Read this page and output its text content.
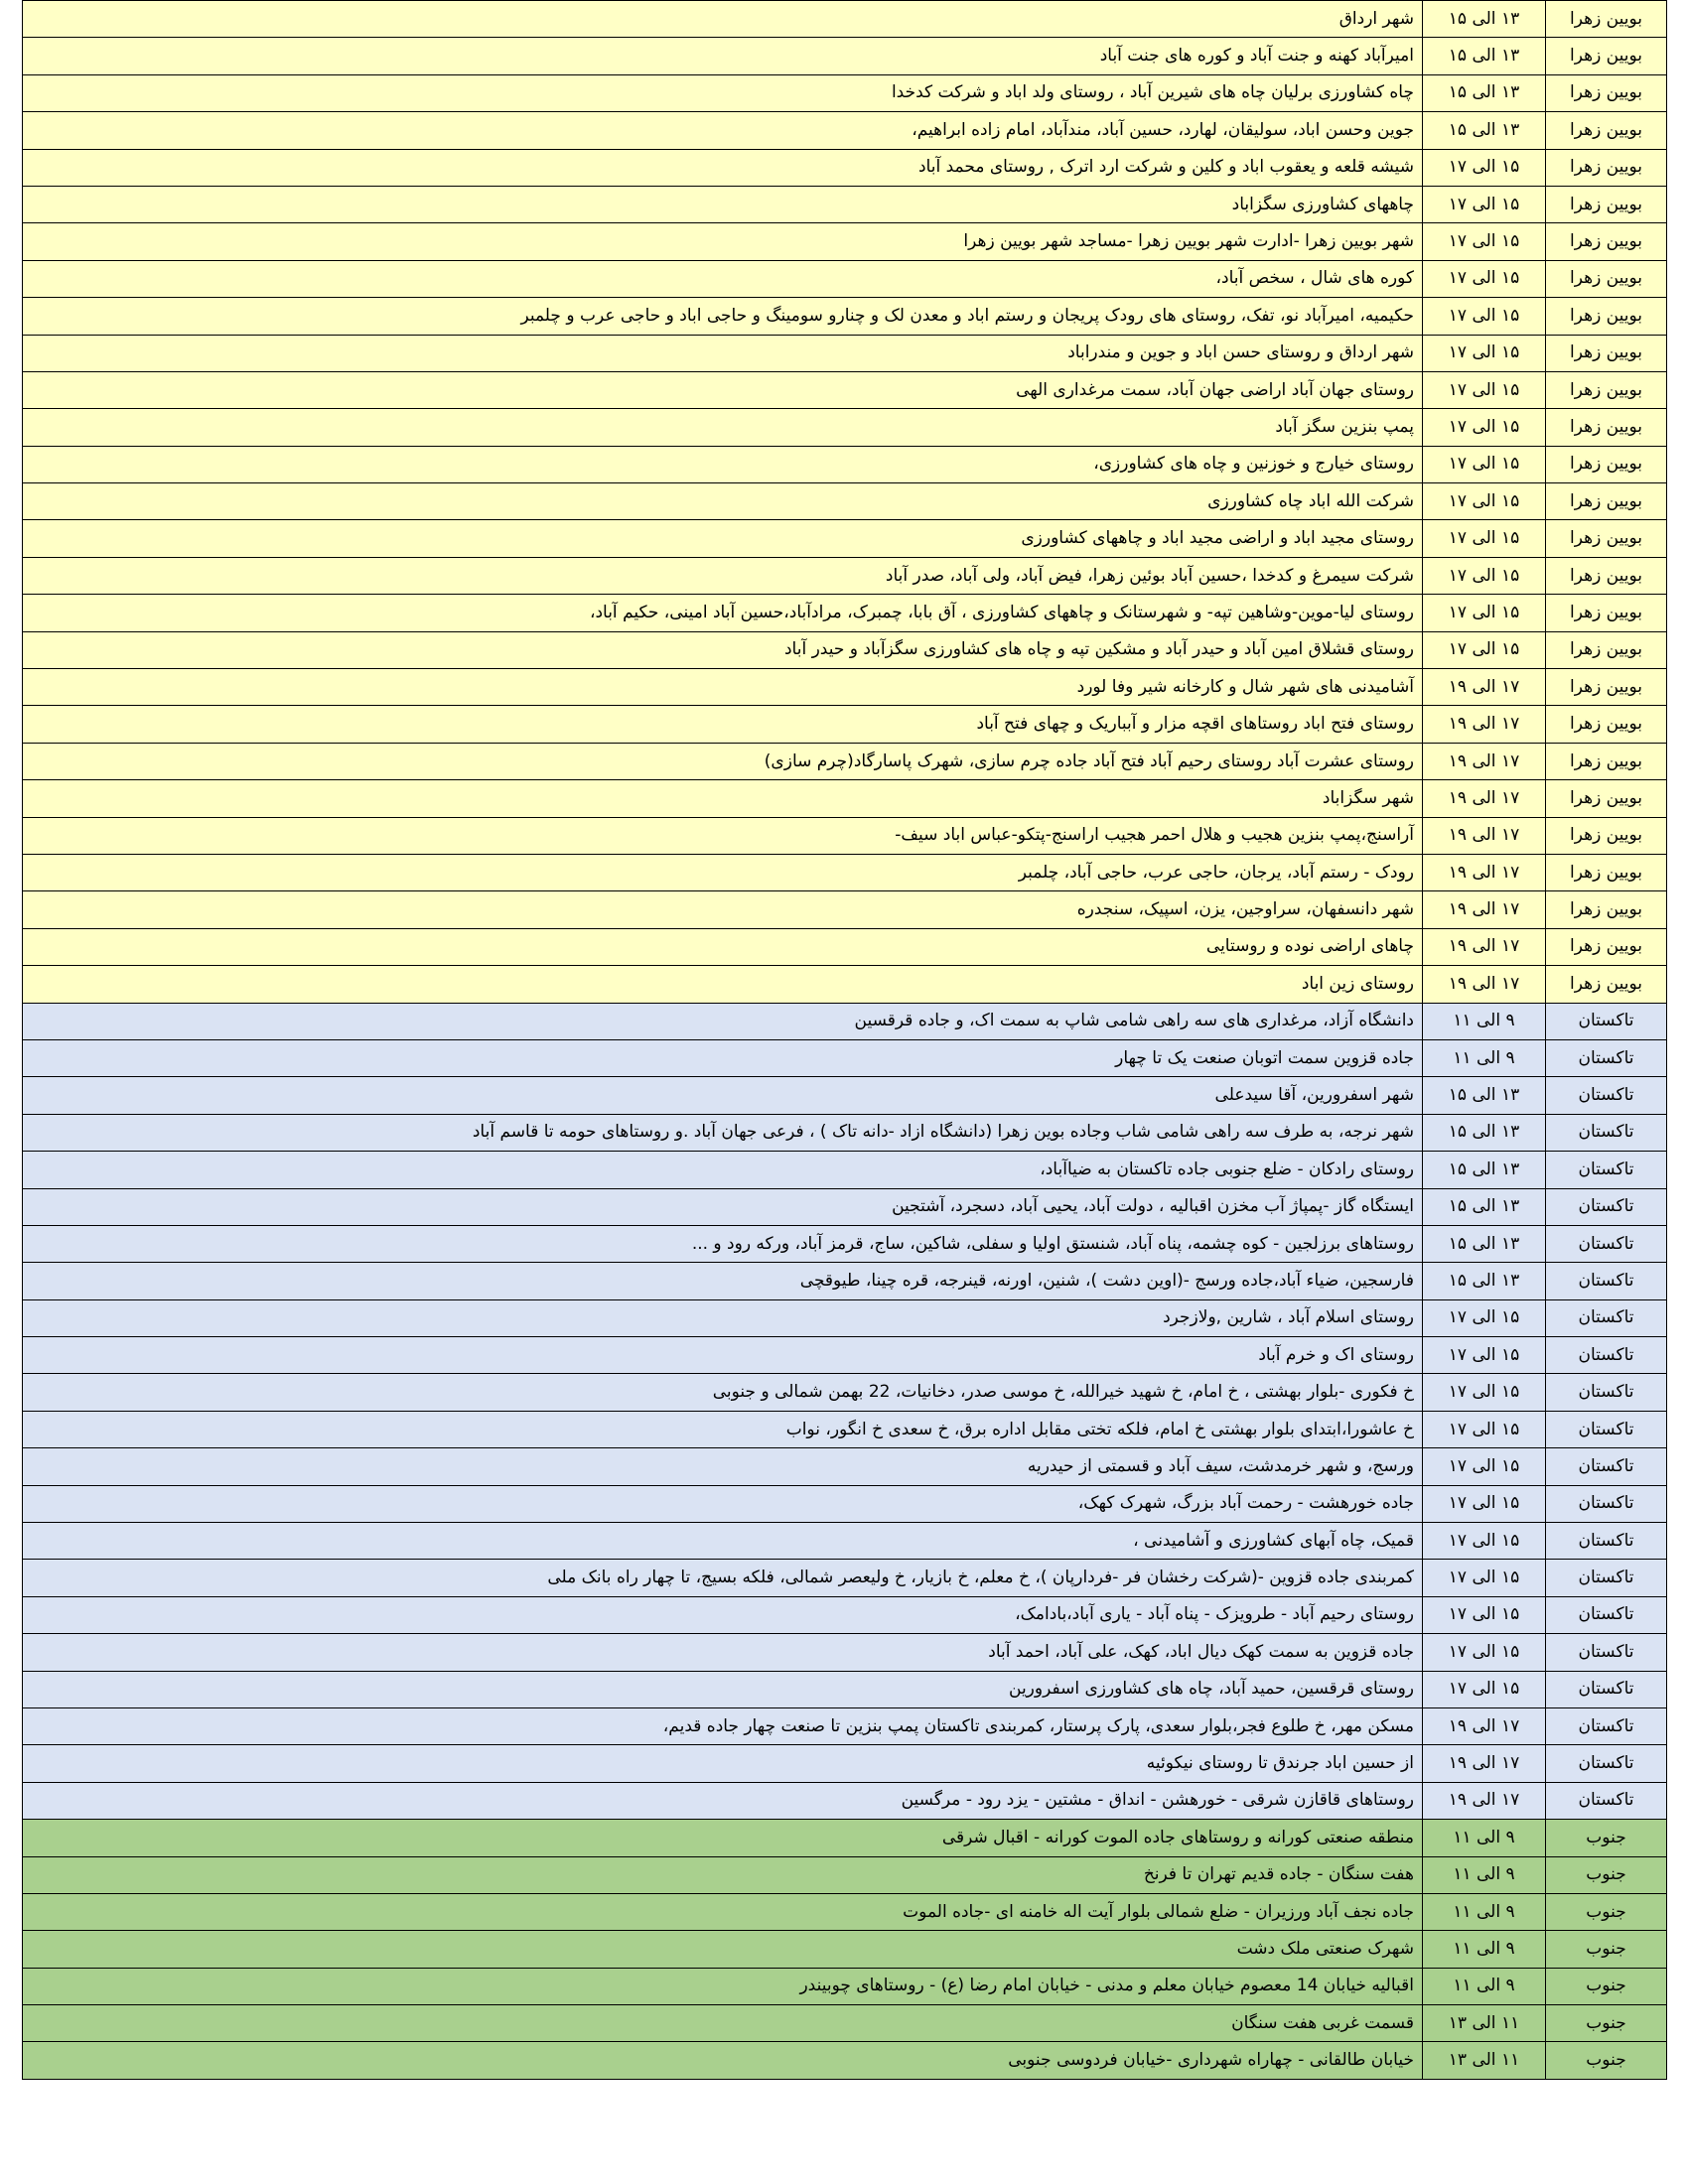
بویین زهرا	۱۳ الی ۱۵	شهر ارداق
بویین زهرا	۱۳ الی ۱۵	امیرآباد کهنه و جنت آباد و کوره های جنت آباد
بویین زهرا	۱۳ الی ۱۵	چاه کشاورزی برلیان چاه های شیرین آباد ، روستای ولد اباد و شرکت کدخدا
بویین زهرا	۱۳ الی ۱۵	جوین وحسن اباد، سولیقان، لهارد، حسین آباد، مندآباد، امام زاده ابراهیم،
بویین زهرا	۱۵ الی ۱۷	شیشه قلعه و یعقوب اباد و کلین و شرکت ارد اترک , روستای محمد آباد
بویین زهرا	۱۵ الی ۱۷	چاههای کشاورزی سگزاباد
بویین زهرا	۱۵ الی ۱۷	شهر بویین زهرا -ادارت شهر بویین زهرا -مساجد شهر بویین زهرا
بویین زهرا	۱۵ الی ۱۷	کوره های شال ، سخص آباد،
بویین زهرا	۱۵ الی ۱۷	حکیمیه، امیرآباد نو، تفک، روستای های رودک پریجان و رستم اباد و معدن لک و چنارو سومینگ و حاجی اباد و حاجی عرب و چلمبر
بویین زهرا	۱۵ الی ۱۷	شهر ارداق و روستای حسن اباد و جوین و مندراباد
بویین زهرا	۱۵ الی ۱۷	روستای جهان آباد اراضی جهان آباد، سمت مرغداری الهی
بویین زهرا	۱۵ الی ۱۷	پمپ بنزین سگز آباد
بویین زهرا	۱۵ الی ۱۷	روستای خیارج و خوزنین و چاه های کشاورزی،
بویین زهرا	۱۵ الی ۱۷	شرکت الله اباد چاه کشاورزی
بویین زهرا	۱۵ الی ۱۷	روستای مجید اباد و اراضی مجید اباد و چاههای کشاورزی
بویین زهرا	۱۵ الی ۱۷	شرکت سیمرغ و کدخدا ،حسین آباد بوئین زهرا، فیض آباد، ولی آباد، صدر آباد
بویین زهرا	۱۵ الی ۱۷	روستای لیا-موین-وشاهین تپه- و شهرستانک و چاههای کشاورزی ، آق بابا، چمبرک، مرادآباد،حسین آباد امینی، حکیم آباد،
بویین زهرا	۱۵ الی ۱۷	روستای قشلاق امین آباد و حیدر آباد و مشکین تپه و چاه های کشاورزی سگزآباد و حیدر آباد
بویین زهرا	۱۷ الی ۱۹	آشامیدنی های شهر شال و کارخانه شیر وفا لورد
بویین زهرا	۱۷ الی ۱۹	روستای فتح اباد روستاهای اقچه مزار و آبباریک و چهای فتح آباد
بویین زهرا	۱۷ الی ۱۹	روستای عشرت آباد روستای رحیم آباد فتح آباد جاده چرم سازی، شهرک پاسارگاد(چرم سازی)
بویین زهرا	۱۷ الی ۱۹	شهر سگزاباد
بویین زهرا	۱۷ الی ۱۹	آراسنج،پمپ بنزین هجیب و هلال احمر هجیب اراسنج-پتکو-عباس اباد سیف-
بویین زهرا	۱۷ الی ۱۹	رودک - رستم آباد، یرجان، حاجی عرب، حاجی آباد، چلمبر
بویین زهرا	۱۷ الی ۱۹	شهر دانسفهان، سراوجین، یزن، اسپیک، سنجدره
بویین زهرا	۱۷ الی ۱۹	چاهای اراضی نوده و روستایی
بویین زهرا	۱۷ الی ۱۹	روستای زین اباد
تاکستان	۹ الی ۱۱	دانشگاه آزاد، مرغداری های سه راهی شامی شاپ به سمت اک، و جاده قرقسین
تاکستان	۹ الی ۱۱	جاده قزوین سمت اتوبان صنعت یک تا چهار
تاکستان	۱۳ الی ۱۵	شهر اسفرورین، آقا سیدعلی
تاکستان	۱۳ الی ۱۵	شهر نرجه، به طرف سه راهی شامی شاب وجاده بوین زهرا (دانشگاه ازاد -دانه تاک ) ، فرعی جهان آباد .و روستاهای حومه تا قاسم آباد
تاکستان	۱۳ الی ۱۵	روستای رادکان - ضلع جنوبی جاده تاکستان به ضیاآباد،
تاکستان	۱۳ الی ۱۵	ایستگاه گاز -پمپاژ آب مخزن اقبالیه ، دولت آباد، یحیی آباد، دسجرد، آشتجین
تاکستان	۱۳ الی ۱۵	روستاهای برزلجین - کوه چشمه، پناه آباد، شنستق اولیا و سفلی، شاکین، ساج، قرمز آباد، ورکه رود و ...
تاکستان	۱۳ الی ۱۵	فارسجین، ضیاء آباد،جاده ورسج -(اوین دشت )، شنین، اورنه، قینرجه، قره چینا، طیوقچی
تاکستان	۱۵ الی ۱۷	روستای اسلام آباد ، شارین ,ولازجرد
تاکستان	۱۵ الی ۱۷	روستای اک و خرم آباد
تاکستان	۱۵ الی ۱۷	خ فکوری -بلوار بهشتی ، خ امام، خ شهید خیرالله، خ موسی صدر، دخانیات، 22 بهمن شمالی و جنوبی
تاکستان	۱۵ الی ۱۷	خ عاشورا،ابتدای بلوار بهشتی خ امام، فلکه تختی مقابل اداره برق، خ سعدی خ انگور، نواب
تاکستان	۱۵ الی ۱۷	ورسج، و شهر خرمدشت، سیف آباد و قسمتی از حیدریه
تاکستان	۱۵ الی ۱۷	جاده خورهشت - رحمت آباد بزرگ، شهرک کهک،
تاکستان	۱۵ الی ۱۷	قمیک، چاه آبهای کشاورزی و آشامیدنی ،
تاکستان	۱۵ الی ۱۷	کمربندی جاده قزوین -(شرکت رخشان فر -فردارپان )، خ معلم، خ بازیار، خ ولیعصر شمالی، فلکه بسیج، تا چهار راه بانک ملی
تاکستان	۱۵ الی ۱۷	روستای رحیم آباد - طرویزک - پناه آباد - یاری آباد،بادامک،
تاکستان	۱۵ الی ۱۷	جاده قزوین به سمت کهک دیال اباد، کهک، علی آباد، احمد آباد
تاکستان	۱۵ الی ۱۷	روستای قرقسین، حمید آباد، چاه های کشاورزی اسفرورین
تاکستان	۱۷ الی ۱۹	مسکن مهر، خ طلوع فجر،بلوار سعدی، پارک پرستار، کمربندی تاکستان پمپ بنزین تا صنعت چهار جاده قدیم،
تاکستان	۱۷ الی ۱۹	از حسین اباد جرندق تا روستای نیکوئیه
تاکستان	۱۷ الی ۱۹	روستاهای قاقازن شرقی - خورهشن - انداق - مشتین - یزد رود - مرگسین
جنوب	۹ الی ۱۱	منطقه صنعتی کورانه و روستاهای جاده الموت کورانه - اقبال شرقی
جنوب	۹ الی ۱۱	هفت سنگان - جاده قدیم تهران تا فرنخ
جنوب	۹ الی ۱۱	جاده نجف آباد ورزیران - ضلع شمالی بلوار آیت اله خامنه ای -جاده الموت
جنوب	۹ الی ۱۱	شهرک صنعتی ملک دشت
جنوب	۹ الی ۱۱	اقبالیه خیابان 14 معصوم خیابان معلم و مدنی - خیابان امام رضا (ع) - روستاهای چوبیندر
جنوب	۱۱ الی ۱۳	قسمت غربی هفت سنگان
جنوب	۱۱ الی ۱۳	خیابان طالقانی - چهاراه شهرداری -خیابان فردوسی جنوبی
